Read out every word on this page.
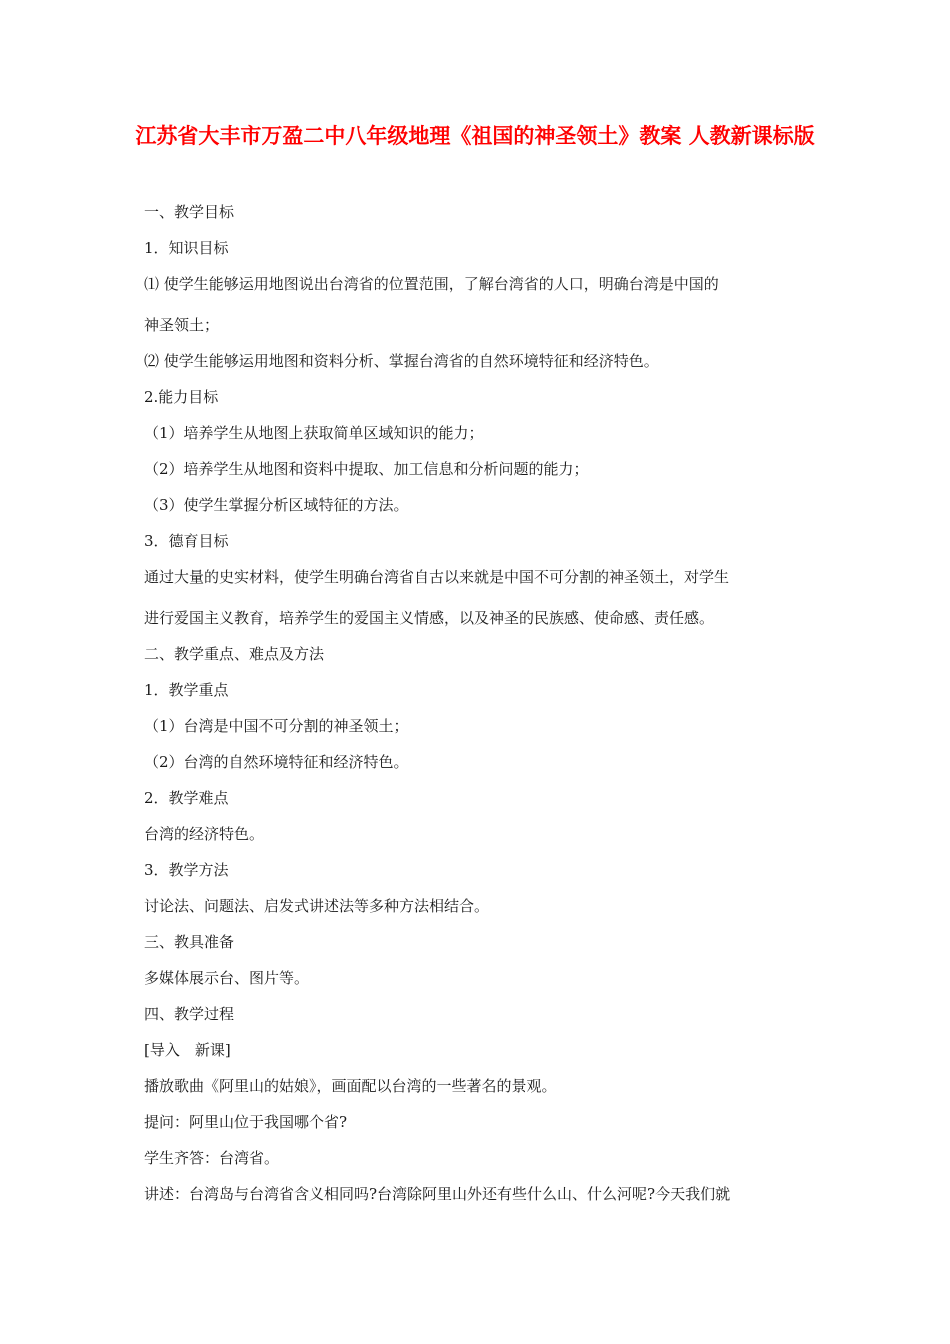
江苏省大丰市万盈二中八年级地理《祖国的神圣领土》教案 人教新课标版

一、教学目标

1．知识目标

⑴ 使学生能够运用地图说出台湾省的位置范围，了解台湾省的人口，明确台湾是中国的

神圣领土；

⑵ 使学生能够运用地图和资料分析、掌握台湾省的自然环境特征和经济特色。

2.能力目标

（1）培养学生从地图上获取简单区域知识的能力；

（2）培养学生从地图和资料中提取、加工信息和分析问题的能力；

（3）使学生掌握分析区域特征的方法。

3．德育目标

通过大量的史实材料，使学生明确台湾省自古以来就是中国不可分割的神圣领土，对学生

进行爱国主义教育，培养学生的爱国主义情感，以及神圣的民族感、使命感、责任感。

二、教学重点、难点及方法

1．教学重点

（1）台湾是中国不可分割的神圣领土；

（2）台湾的自然环境特征和经济特色。

2．教学难点

台湾的经济特色。

3．教学方法

讨论法、问题法、启发式讲述法等多种方法相结合。

三、教具准备

多媒体展示台、图片等。

四、教学过程

[导入　新课]

播放歌曲《阿里山的姑娘》，画面配以台湾的一些著名的景观。

提问：阿里山位于我国哪个省?

学生齐答：台湾省。

讲述：台湾岛与台湾省含义相同吗?台湾除阿里山外还有些什么山、什么河呢?今天我们就
